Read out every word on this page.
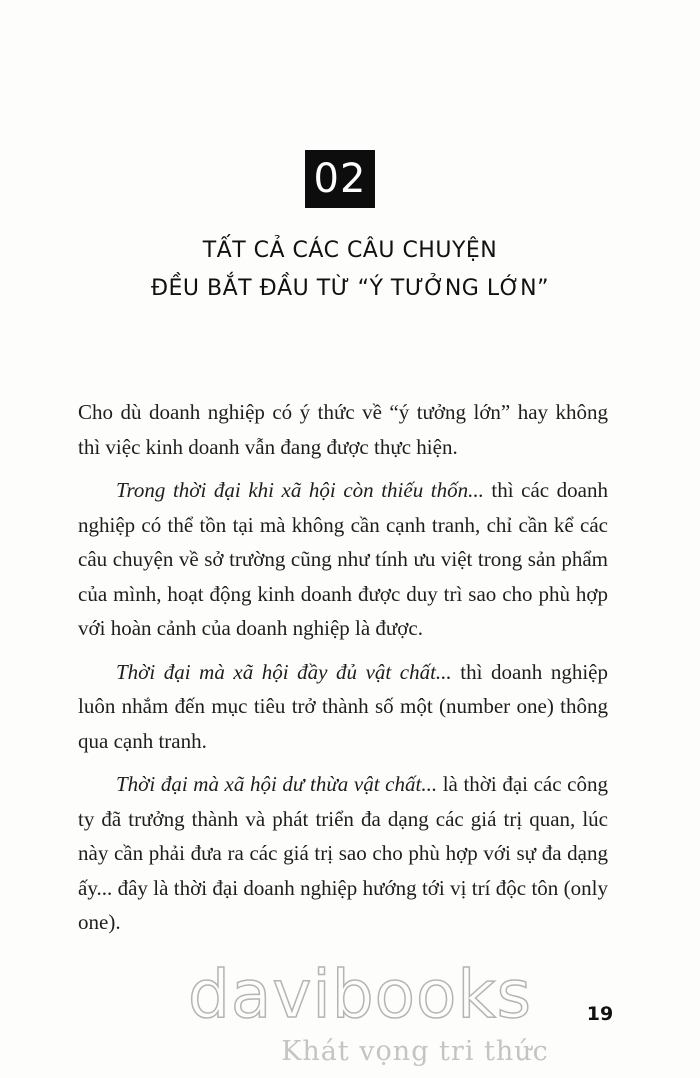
02
TẤT CẢ CÁC CÂU CHUYỆN
ĐỀU BẮT ĐẦU TỪ “Ý TƯỞNG LỚN”

Cho dù doanh nghiệp có ý thức về “ý tưởng lớn” hay không thì việc kinh doanh vẫn đang được thực hiện.

Trong thời đại khi xã hội còn thiếu thốn... thì các doanh nghiệp có thể tồn tại mà không cần cạnh tranh, chỉ cần kể các câu chuyện về sở trường cũng như tính ưu việt trong sản phẩm của mình, hoạt động kinh doanh được duy trì sao cho phù hợp với hoàn cảnh của doanh nghiệp là được.

Thời đại mà xã hội đầy đủ vật chất... thì doanh nghiệp luôn nhắm đến mục tiêu trở thành số một (number one) thông qua cạnh tranh.

Thời đại mà xã hội dư thừa vật chất... là thời đại các công ty đã trưởng thành và phát triển đa dạng các giá trị quan, lúc này cần phải đưa ra các giá trị sao cho phù hợp với sự đa dạng ấy... đây là thời đại doanh nghiệp hướng tới vị trí độc tôn (only one).

davibooks
Khát vọng tri thức
19
